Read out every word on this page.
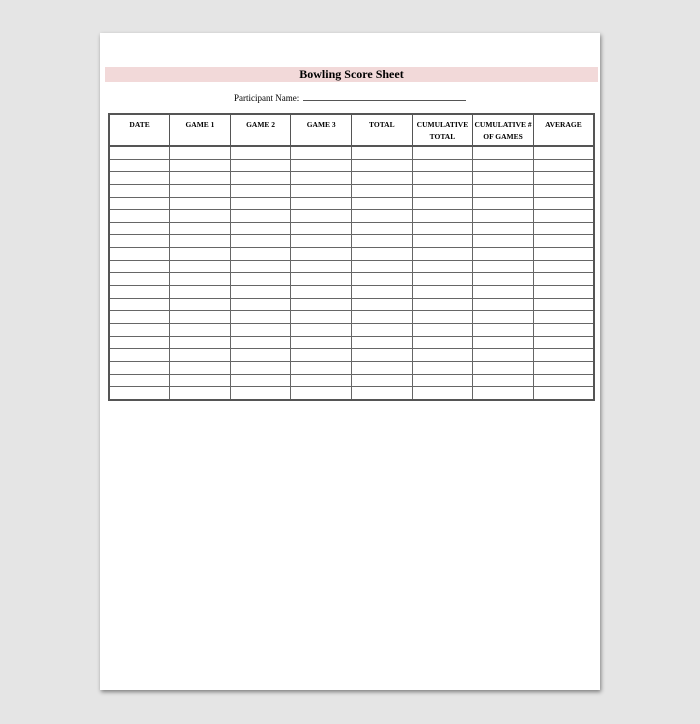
Bowling Score Sheet
Participant Name:
DATE	GAME 1	GAME 2	GAME 3	TOTAL	CUMULATIVE TOTAL	CUMULATIVE # OF GAMES	AVERAGE
